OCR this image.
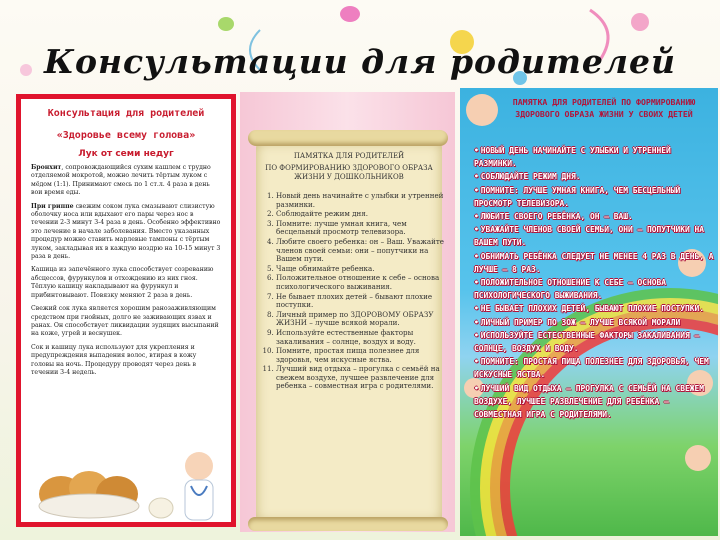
Консультации для родителей
Консультация для родителей
«Здоровье всему голова»
Лук от семи недуг
Бронхит, сопровождающийся сухим кашлем с трудно отделяемой мокротой, можно лечить тёртым луком с мёдом (1:1). Принимают смесь по 1 ст.л. 4 раза в день вои время еды.
При гриппе свежим соком лука смазывают слизистую оболочку носа или вдыхают его пары через нос в течении 2-3 минут 3-4 раза в день. Особенно эффективно это лечение в начале заболевания. Вместо указанных процедур можно ставить марлевые тампоны с тёртым луком, закладывая их в каждую ноздрю на 10-15 минут 3 раза в день.
Кашица из запечённого лука способствует созреванию абсцессов, фурункулов и отхождению из них гноя. Тёплую кашицу накладывают на фурункул и прибинтовывают. Повязку меняют 2 раза в день.
Свежий сок лука является хорошим ранозаживляющим средством при гнойных, долго не заживающих язвах и ранах. Он способствует ликвидации зудящих высыпаний на коже, угрей и веснушек.
Сок и кашицу лука используют для укрепления и предупреждения выпадения волос, втирая в кожу головы на ночь. Процедуру проводят через день в течении 3-4 недель.
ПАМЯТКА ДЛЯ РОДИТЕЛЕЙ
ПО ФОРМИРОВАНИЮ ЗДОРОВОГО ОБРАЗА ЖИЗНИ У ДОШКОЛЬНИКОВ
1. Новый день начинайте с улыбки и утренней разминки.
2. Соблюдайте режим дня.
3. Помните: лучше умная книга, чем бесцельный просмотр телевизора.
4. Любите своего ребенка: он – Ваш. Уважайте членов своей семьи: они – попутчики на Вашем пути.
5. Чаще обнимайте ребенка.
6. Положительное отношение к себе – основа психологического выживания.
7. Не бывает плохих детей – бывают плохие поступки.
8. Личный пример по ЗДОРОВОМУ ОБРАЗУ ЖИЗНИ – лучше всякой морали.
9. Используйте естественные факторы закаливания – солнце, воздух и воду.
10. Помните, простая пища полезнее для здоровья, чем искусные яства.
11. Лучший вид отдыха – прогулка с семьёй на свежем воздухе, лучшее развлечение для ребенка – совместная игра с родителями.
ПАМЯТКА ДЛЯ РОДИТЕЛЕЙ ПО ФОРМИРОВАНИЮ ЗДОРОВОГО ОБРАЗА ЖИЗНИ У СВОИХ ДЕТЕЙ
• НОВЫЙ ДЕНЬ НАЧИНАЙТЕ С УЛЫБКИ И УТРЕННЕЙ РАЗМИНКИ.
• СОБЛЮДАЙТЕ РЕЖИМ ДНЯ.
• ПОМНИТЕ: ЛУЧШЕ УМНАЯ КНИГА, ЧЕМ БЕСЦЕЛЬНЫЙ ПРОСМОТР ТЕЛЕВИЗОРА.
• ЛЮБИТЕ СВОЕГО РЕБЁНКА, ОН – ВАШ.
• УВАЖАЙТЕ ЧЛЕНОВ СВОЕЙ СЕМЬИ, ОНИ – ПОПУТЧИКИ НА ВАШЕМ ПУТИ.
• ОБНИМАТЬ РЕБЁНКА СЛЕДУЕТ НЕ МЕНЕЕ 4 РАЗ В ДЕНЬ, А ЛУЧШЕ – 8 РАЗ.
• ПОЛОЖИТЕЛЬНОЕ ОТНОШЕНИЕ К СЕБЕ – ОСНОВА ПСИХОЛОГИЧЕСКОГО ВЫЖИВАНИЯ.
• НЕ БЫВАЕТ ПЛОХИХ ДЕТЕЙ, БЫВАЮТ ПЛОХИЕ ПОСТУПКИ.
• ЛИЧНЫЙ ПРИМЕР ПО ЗОЖ – ЛУЧШЕ ВСЯКОЙ МОРАЛИ
• ИСПОЛЬЗУЙТЕ ЕСТЕСТВЕННЫЕ ФАКТОРЫ ЗАКАЛИВАНИЯ – СОЛНЦЕ, ВОЗДУХ И ВОДУ.
• ПОМНИТЕ: ПРОСТАЯ ПИЩА ПОЛЕЗНЕЕ ДЛЯ ЗДОРОВЬЯ, ЧЕМ ИСКУСНЫЕ ЯСТВА.
• ЛУЧШИЙ ВИД ОТДЫХА – ПРОГУЛКА С СЕМЬЁЙ НА СВЕЖЕМ ВОЗДУХЕ, ЛУЧШЕЕ РАЗВЛЕЧЕНИЕ ДЛЯ РЕБЁНКА – СОВМЕСТНАЯ ИГРА С РОДИТЕЛЯМИ.
